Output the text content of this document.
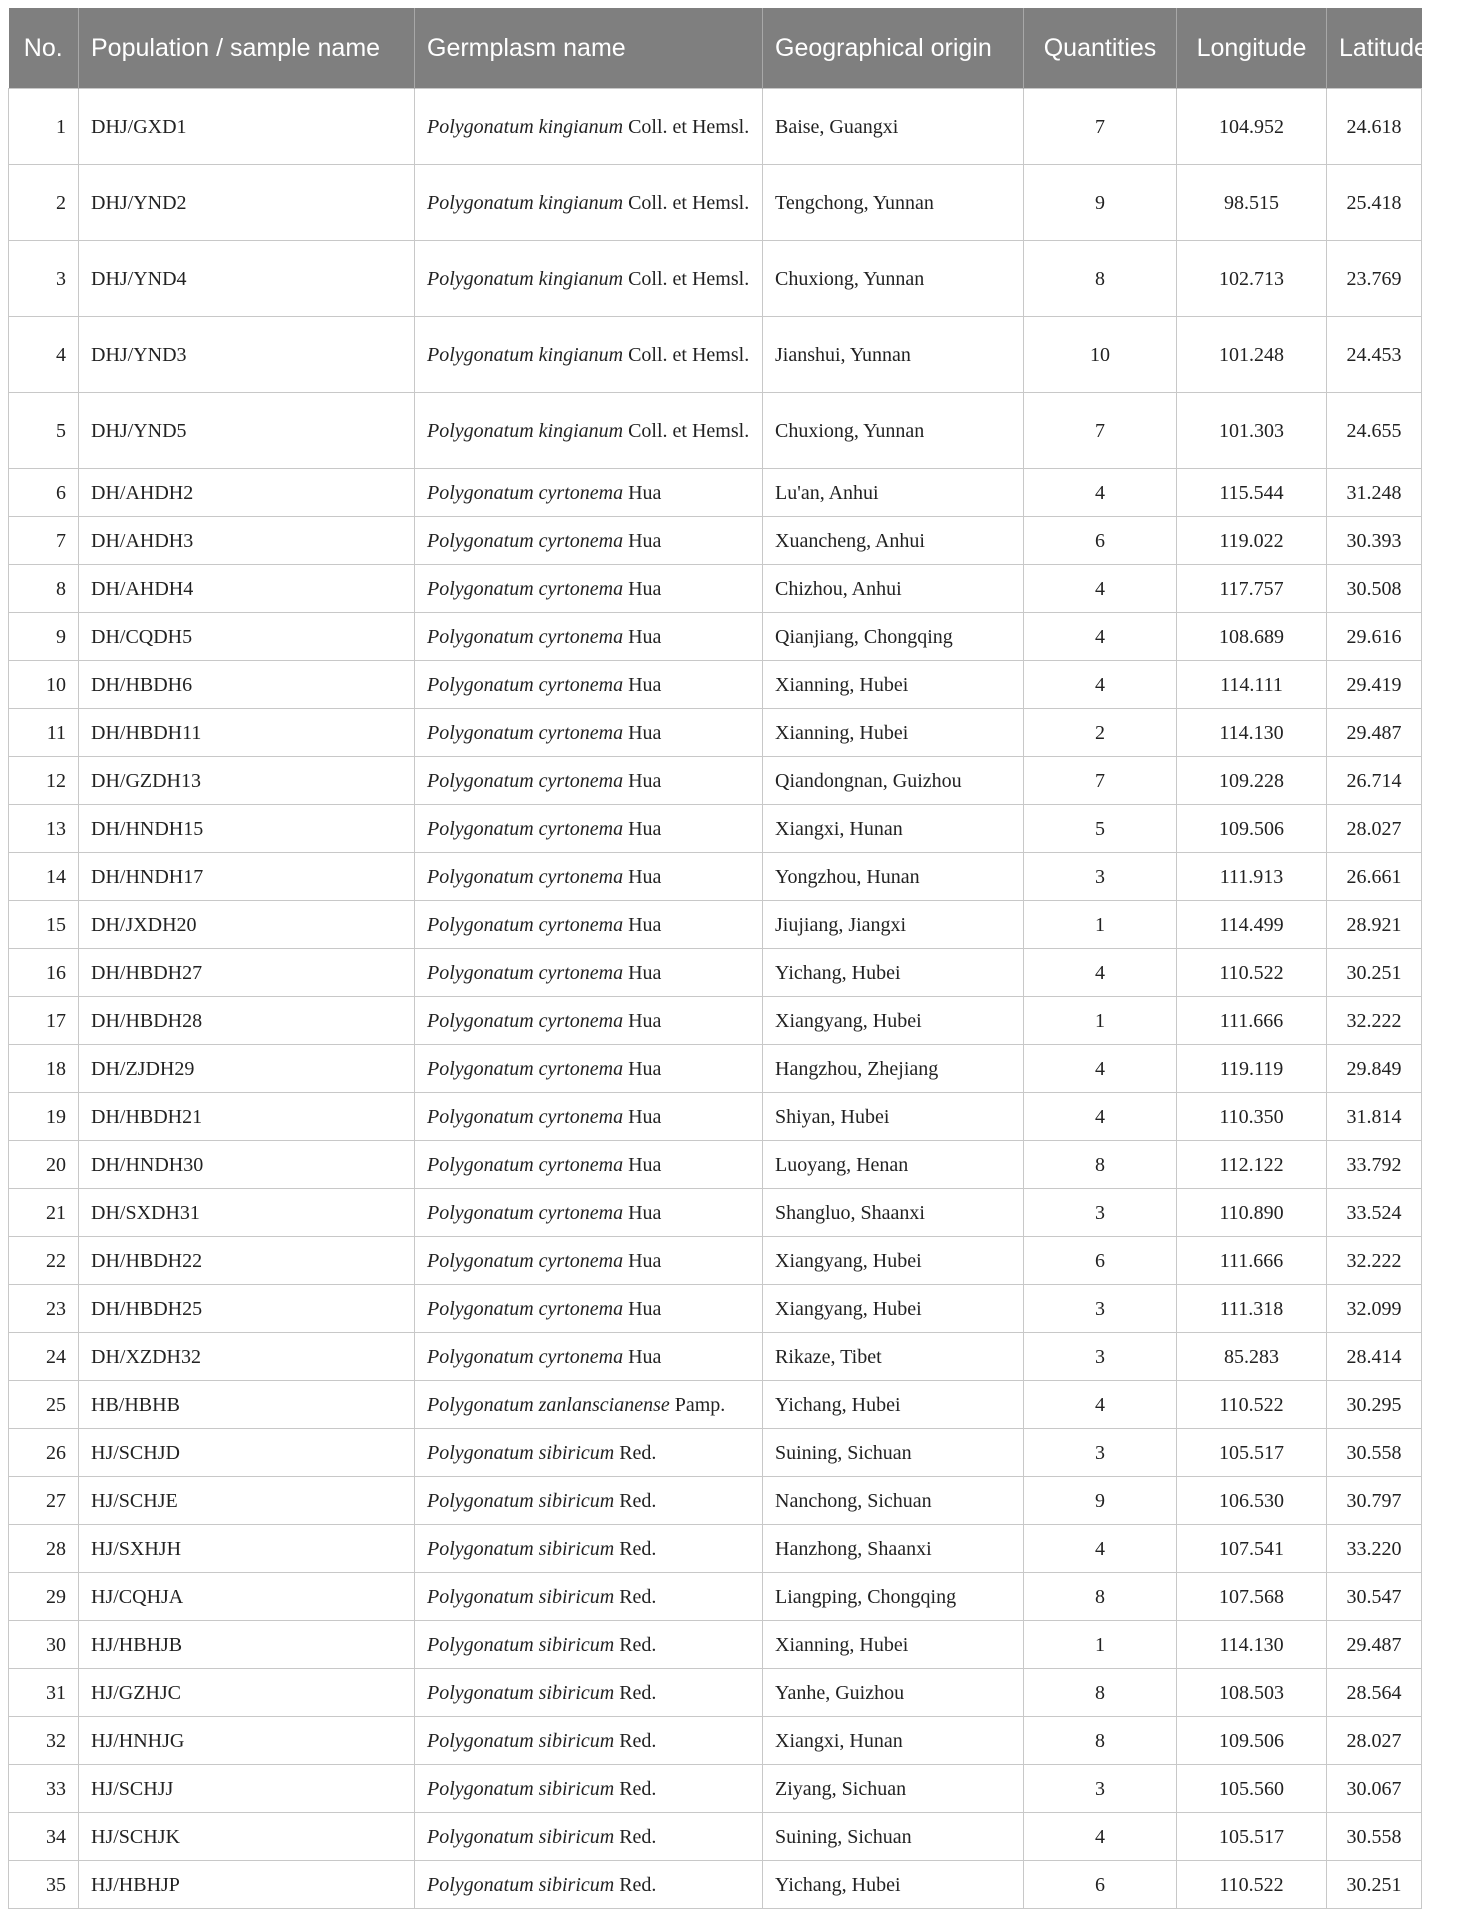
No.	Population / sample name	Germplasm name	Geographical origin	Quantities	Longitude	Latitude
1	DHJ/GXD1	Polygonatum kingianum Coll. et Hemsl.	Baise, Guangxi	7	104.952	24.618
2	DHJ/YND2	Polygonatum kingianum Coll. et Hemsl.	Tengchong, Yunnan	9	98.515	25.418
3	DHJ/YND4	Polygonatum kingianum Coll. et Hemsl.	Chuxiong, Yunnan	8	102.713	23.769
4	DHJ/YND3	Polygonatum kingianum Coll. et Hemsl.	Jianshui, Yunnan	10	101.248	24.453
5	DHJ/YND5	Polygonatum kingianum Coll. et Hemsl.	Chuxiong, Yunnan	7	101.303	24.655
6	DH/AHDH2	Polygonatum cyrtonema Hua	Lu'an, Anhui	4	115.544	31.248
7	DH/AHDH3	Polygonatum cyrtonema Hua	Xuancheng, Anhui	6	119.022	30.393
8	DH/AHDH4	Polygonatum cyrtonema Hua	Chizhou, Anhui	4	117.757	30.508
9	DH/CQDH5	Polygonatum cyrtonema Hua	Qianjiang, Chongqing	4	108.689	29.616
10	DH/HBDH6	Polygonatum cyrtonema Hua	Xianning, Hubei	4	114.111	29.419
11	DH/HBDH11	Polygonatum cyrtonema Hua	Xianning, Hubei	2	114.130	29.487
12	DH/GZDH13	Polygonatum cyrtonema Hua	Qiandongnan, Guizhou	7	109.228	26.714
13	DH/HNDH15	Polygonatum cyrtonema Hua	Xiangxi, Hunan	5	109.506	28.027
14	DH/HNDH17	Polygonatum cyrtonema Hua	Yongzhou, Hunan	3	111.913	26.661
15	DH/JXDH20	Polygonatum cyrtonema Hua	Jiujiang, Jiangxi	1	114.499	28.921
16	DH/HBDH27	Polygonatum cyrtonema Hua	Yichang, Hubei	4	110.522	30.251
17	DH/HBDH28	Polygonatum cyrtonema Hua	Xiangyang, Hubei	1	111.666	32.222
18	DH/ZJDH29	Polygonatum cyrtonema Hua	Hangzhou, Zhejiang	4	119.119	29.849
19	DH/HBDH21	Polygonatum cyrtonema Hua	Shiyan, Hubei	4	110.350	31.814
20	DH/HNDH30	Polygonatum cyrtonema Hua	Luoyang, Henan	8	112.122	33.792
21	DH/SXDH31	Polygonatum cyrtonema Hua	Shangluo, Shaanxi	3	110.890	33.524
22	DH/HBDH22	Polygonatum cyrtonema Hua	Xiangyang, Hubei	6	111.666	32.222
23	DH/HBDH25	Polygonatum cyrtonema Hua	Xiangyang, Hubei	3	111.318	32.099
24	DH/XZDH32	Polygonatum cyrtonema Hua	Rikaze, Tibet	3	85.283	28.414
25	HB/HBHB	Polygonatum zanlanscianense Pamp.	Yichang, Hubei	4	110.522	30.295
26	HJ/SCHJD	Polygonatum sibiricum Red.	Suining, Sichuan	3	105.517	30.558
27	HJ/SCHJE	Polygonatum sibiricum Red.	Nanchong, Sichuan	9	106.530	30.797
28	HJ/SXHJH	Polygonatum sibiricum Red.	Hanzhong, Shaanxi	4	107.541	33.220
29	HJ/CQHJA	Polygonatum sibiricum Red.	Liangping, Chongqing	8	107.568	30.547
30	HJ/HBHJB	Polygonatum sibiricum Red.	Xianning, Hubei	1	114.130	29.487
31	HJ/GZHJC	Polygonatum sibiricum Red.	Yanhe, Guizhou	8	108.503	28.564
32	HJ/HNHJG	Polygonatum sibiricum Red.	Xiangxi, Hunan	8	109.506	28.027
33	HJ/SCHJJ	Polygonatum sibiricum Red.	Ziyang, Sichuan	3	105.560	30.067
34	HJ/SCHJK	Polygonatum sibiricum Red.	Suining, Sichuan	4	105.517	30.558
35	HJ/HBHJP	Polygonatum sibiricum Red.	Yichang, Hubei	6	110.522	30.251
